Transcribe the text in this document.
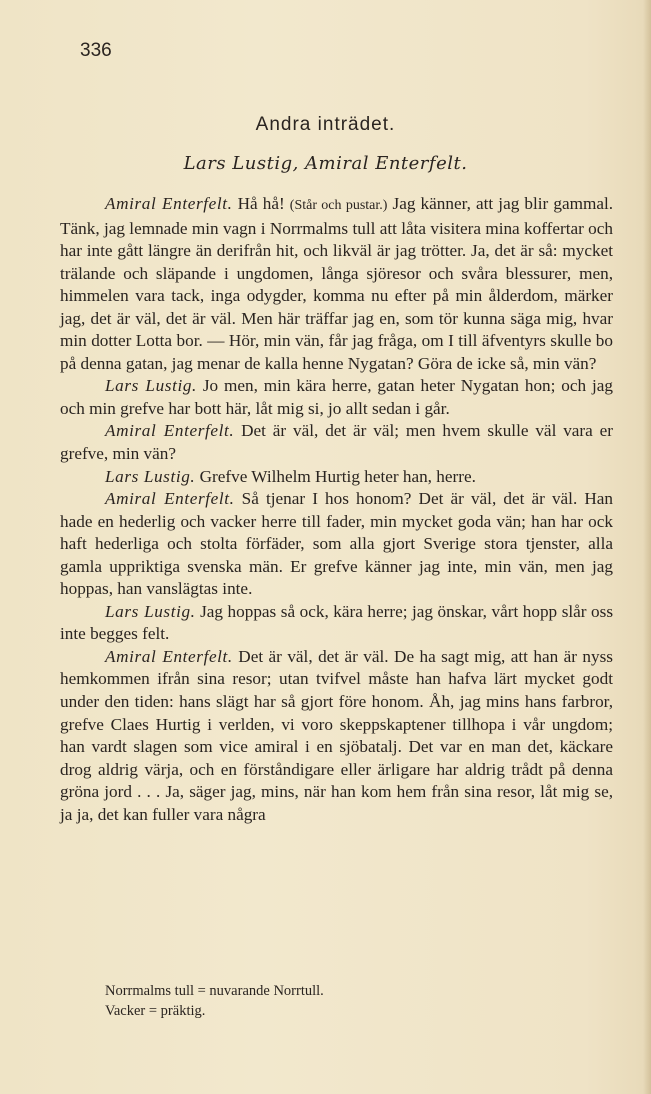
336
Andra inträdet.
Lars Lustig, Amiral Enterfelt.

Amiral Enterfelt. Hå hå! (Står och pustar.) Jag känner, att jag blir gammal. Tänk, jag lemnade min vagn i Norrmalms tull att låta visitera mina koffertar och har inte gått längre än derifrån hit, och likväl är jag trötter. Ja, det är så: mycket trälande och släpande i ungdomen, långa sjöresor och svåra blessurer, men, himmelen vara tack, inga odygder, komma nu efter på min ålderdom, märker jag, det är väl, det är väl. Men här träffar jag en, som tör kunna säga mig, hvar min dotter Lotta bor. — Hör, min vän, får jag fråga, om I till äfventyrs skulle bo på denna gatan, jag menar de kalla henne Nygatan? Göra de icke så, min vän?

Lars Lustig. Jo men, min kära herre, gatan heter Nygatan hon; och jag och min grefve har bott här, låt mig si, jo allt sedan i går.

Amiral Enterfelt. Det är väl, det är väl; men hvem skulle väl vara er grefve, min vän?

Lars Lustig. Grefve Wilhelm Hurtig heter han, herre.

Amiral Enterfelt. Så tjenar I hos honom? Det är väl, det är väl. Han hade en hederlig och vacker herre till fader, min mycket goda vän; han har ock haft hederliga och stolta förfäder, som alla gjort Sverige stora tjenster, alla gamla uppriktiga svenska män. Er grefve känner jag inte, min vän, men jag hoppas, han vanslägtas inte.

Lars Lustig. Jag hoppas så ock, kära herre; jag önskar, vårt hopp slår oss inte begges felt.

Amiral Enterfelt. Det är väl, det är väl. De ha sagt mig, att han är nyss hemkommen ifrån sina resor; utan tvifvel måste han hafva lärt mycket godt under den tiden: hans slägt har så gjort före honom. Åh, jag mins hans farbror, grefve Claes Hurtig i verlden, vi voro skeppskaptener tillhopa i vår ungdom; han vardt slagen som vice amiral i en sjöbatalj. Det var en man det, käckare drog aldrig värja, och en förståndigare eller ärligare har aldrig trådt på denna gröna jord . . . Ja, säger jag, mins, när han kom hem från sina resor, låt mig se, ja ja, det kan fuller vara några

Norrmalms tull = nuvarande Norrtull.
Vacker = präktig.
